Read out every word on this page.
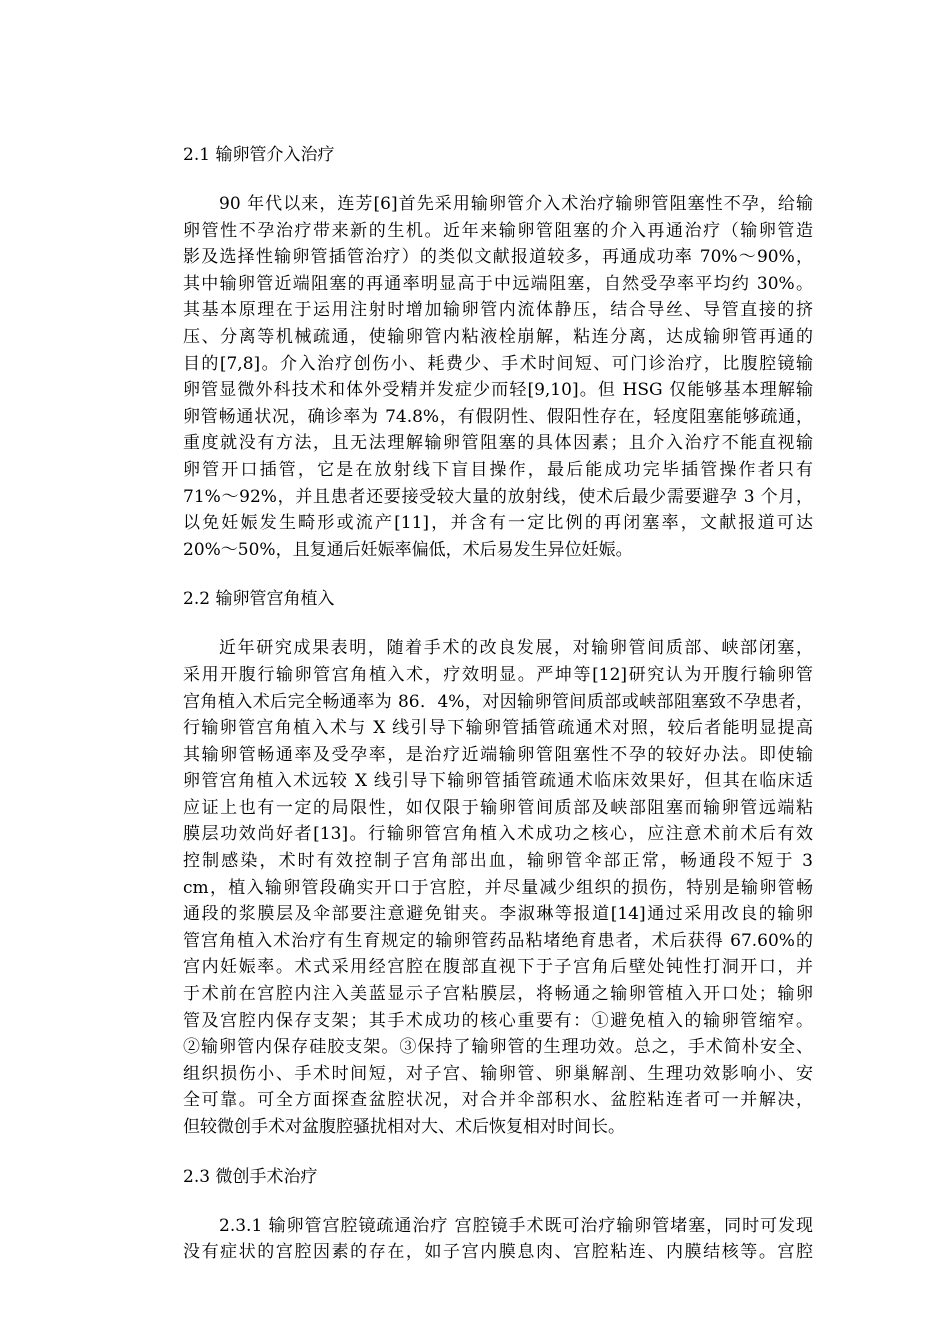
2.1 输卵管介入治疗

90 年代以来，连芳[6]首先采用输卵管介入术治疗输卵管阻塞性不孕，给输
卵管性不孕治疗带来新的生机。近年来输卵管阻塞的介入再通治疗（输卵管造
影及选择性输卵管插管治疗）的类似文献报道较多，再通成功率 70%～90%，
其中输卵管近端阻塞的再通率明显高于中远端阻塞，自然受孕率平均约 30%。
其基本原理在于运用注射时增加输卵管内流体静压，结合导丝、导管直接的挤
压、分离等机械疏通，使输卵管内粘液栓崩解，粘连分离，达成输卵管再通的
目的[7,8]。介入治疗创伤小、耗费少、手术时间短、可门诊治疗，比腹腔镜输
卵管显微外科技术和体外受精并发症少而轻[9,10]。但 HSG 仅能够基本理解输
卵管畅通状况，确诊率为 74.8%，有假阴性、假阳性存在，轻度阻塞能够疏通，
重度就没有方法，且无法理解输卵管阻塞的具体因素；且介入治疗不能直视输
卵管开口插管，它是在放射线下盲目操作，最后能成功完毕插管操作者只有
71%～92%，并且患者还要接受较大量的放射线，使术后最少需要避孕 3 个月，
以免妊娠发生畸形或流产[11]，并含有一定比例的再闭塞率，文献报道可达
20%～50%，且复通后妊娠率偏低，术后易发生异位妊娠。

2.2 输卵管宫角植入

近年研究成果表明，随着手术的改良发展，对输卵管间质部、峡部闭塞，
采用开腹行输卵管宫角植入术，疗效明显。严坤等[12]研究认为开腹行输卵管
宫角植入术后完全畅通率为 86．4%，对因输卵管间质部或峡部阻塞致不孕患者，
行输卵管宫角植入术与 X 线引导下输卵管插管疏通术对照，较后者能明显提高
其输卵管畅通率及受孕率，是治疗近端输卵管阻塞性不孕的较好办法。即使输
卵管宫角植入术远较 X 线引导下输卵管插管疏通术临床效果好，但其在临床适
应证上也有一定的局限性，如仅限于输卵管间质部及峡部阻塞而输卵管远端粘
膜层功效尚好者[13]。行输卵管宫角植入术成功之核心，应注意术前术后有效
控制感染，术时有效控制子宫角部出血，输卵管伞部正常，畅通段不短于 3
cm，植入输卵管段确实开口于宫腔，并尽量减少组织的损伤，特别是输卵管畅
通段的浆膜层及伞部要注意避免钳夹。李淑琳等报道[14]通过采用改良的输卵
管宫角植入术治疗有生育规定的输卵管药品粘堵绝育患者，术后获得 67.60%的
宫内妊娠率。术式采用经宫腔在腹部直视下于子宫角后壁处钝性打洞开口，并
于术前在宫腔内注入美蓝显示子宫粘膜层，将畅通之输卵管植入开口处；输卵
管及宫腔内保存支架；其手术成功的核心重要有：①避免植入的输卵管缩窄。
②输卵管内保存硅胶支架。③保持了输卵管的生理功效。总之，手术简朴安全、
组织损伤小、手术时间短，对子宫、输卵管、卵巢解剖、生理功效影响小、安
全可靠。可全方面探查盆腔状况，对合并伞部积水、盆腔粘连者可一并解决，
但较微创手术对盆腹腔骚扰相对大、术后恢复相对时间长。

2.3 微创手术治疗

2.3.1 输卵管宫腔镜疏通治疗 宫腔镜手术既可治疗输卵管堵塞，同时可发现
没有症状的宫腔因素的存在，如子宫内膜息肉、宫腔粘连、内膜结核等。宫腔
